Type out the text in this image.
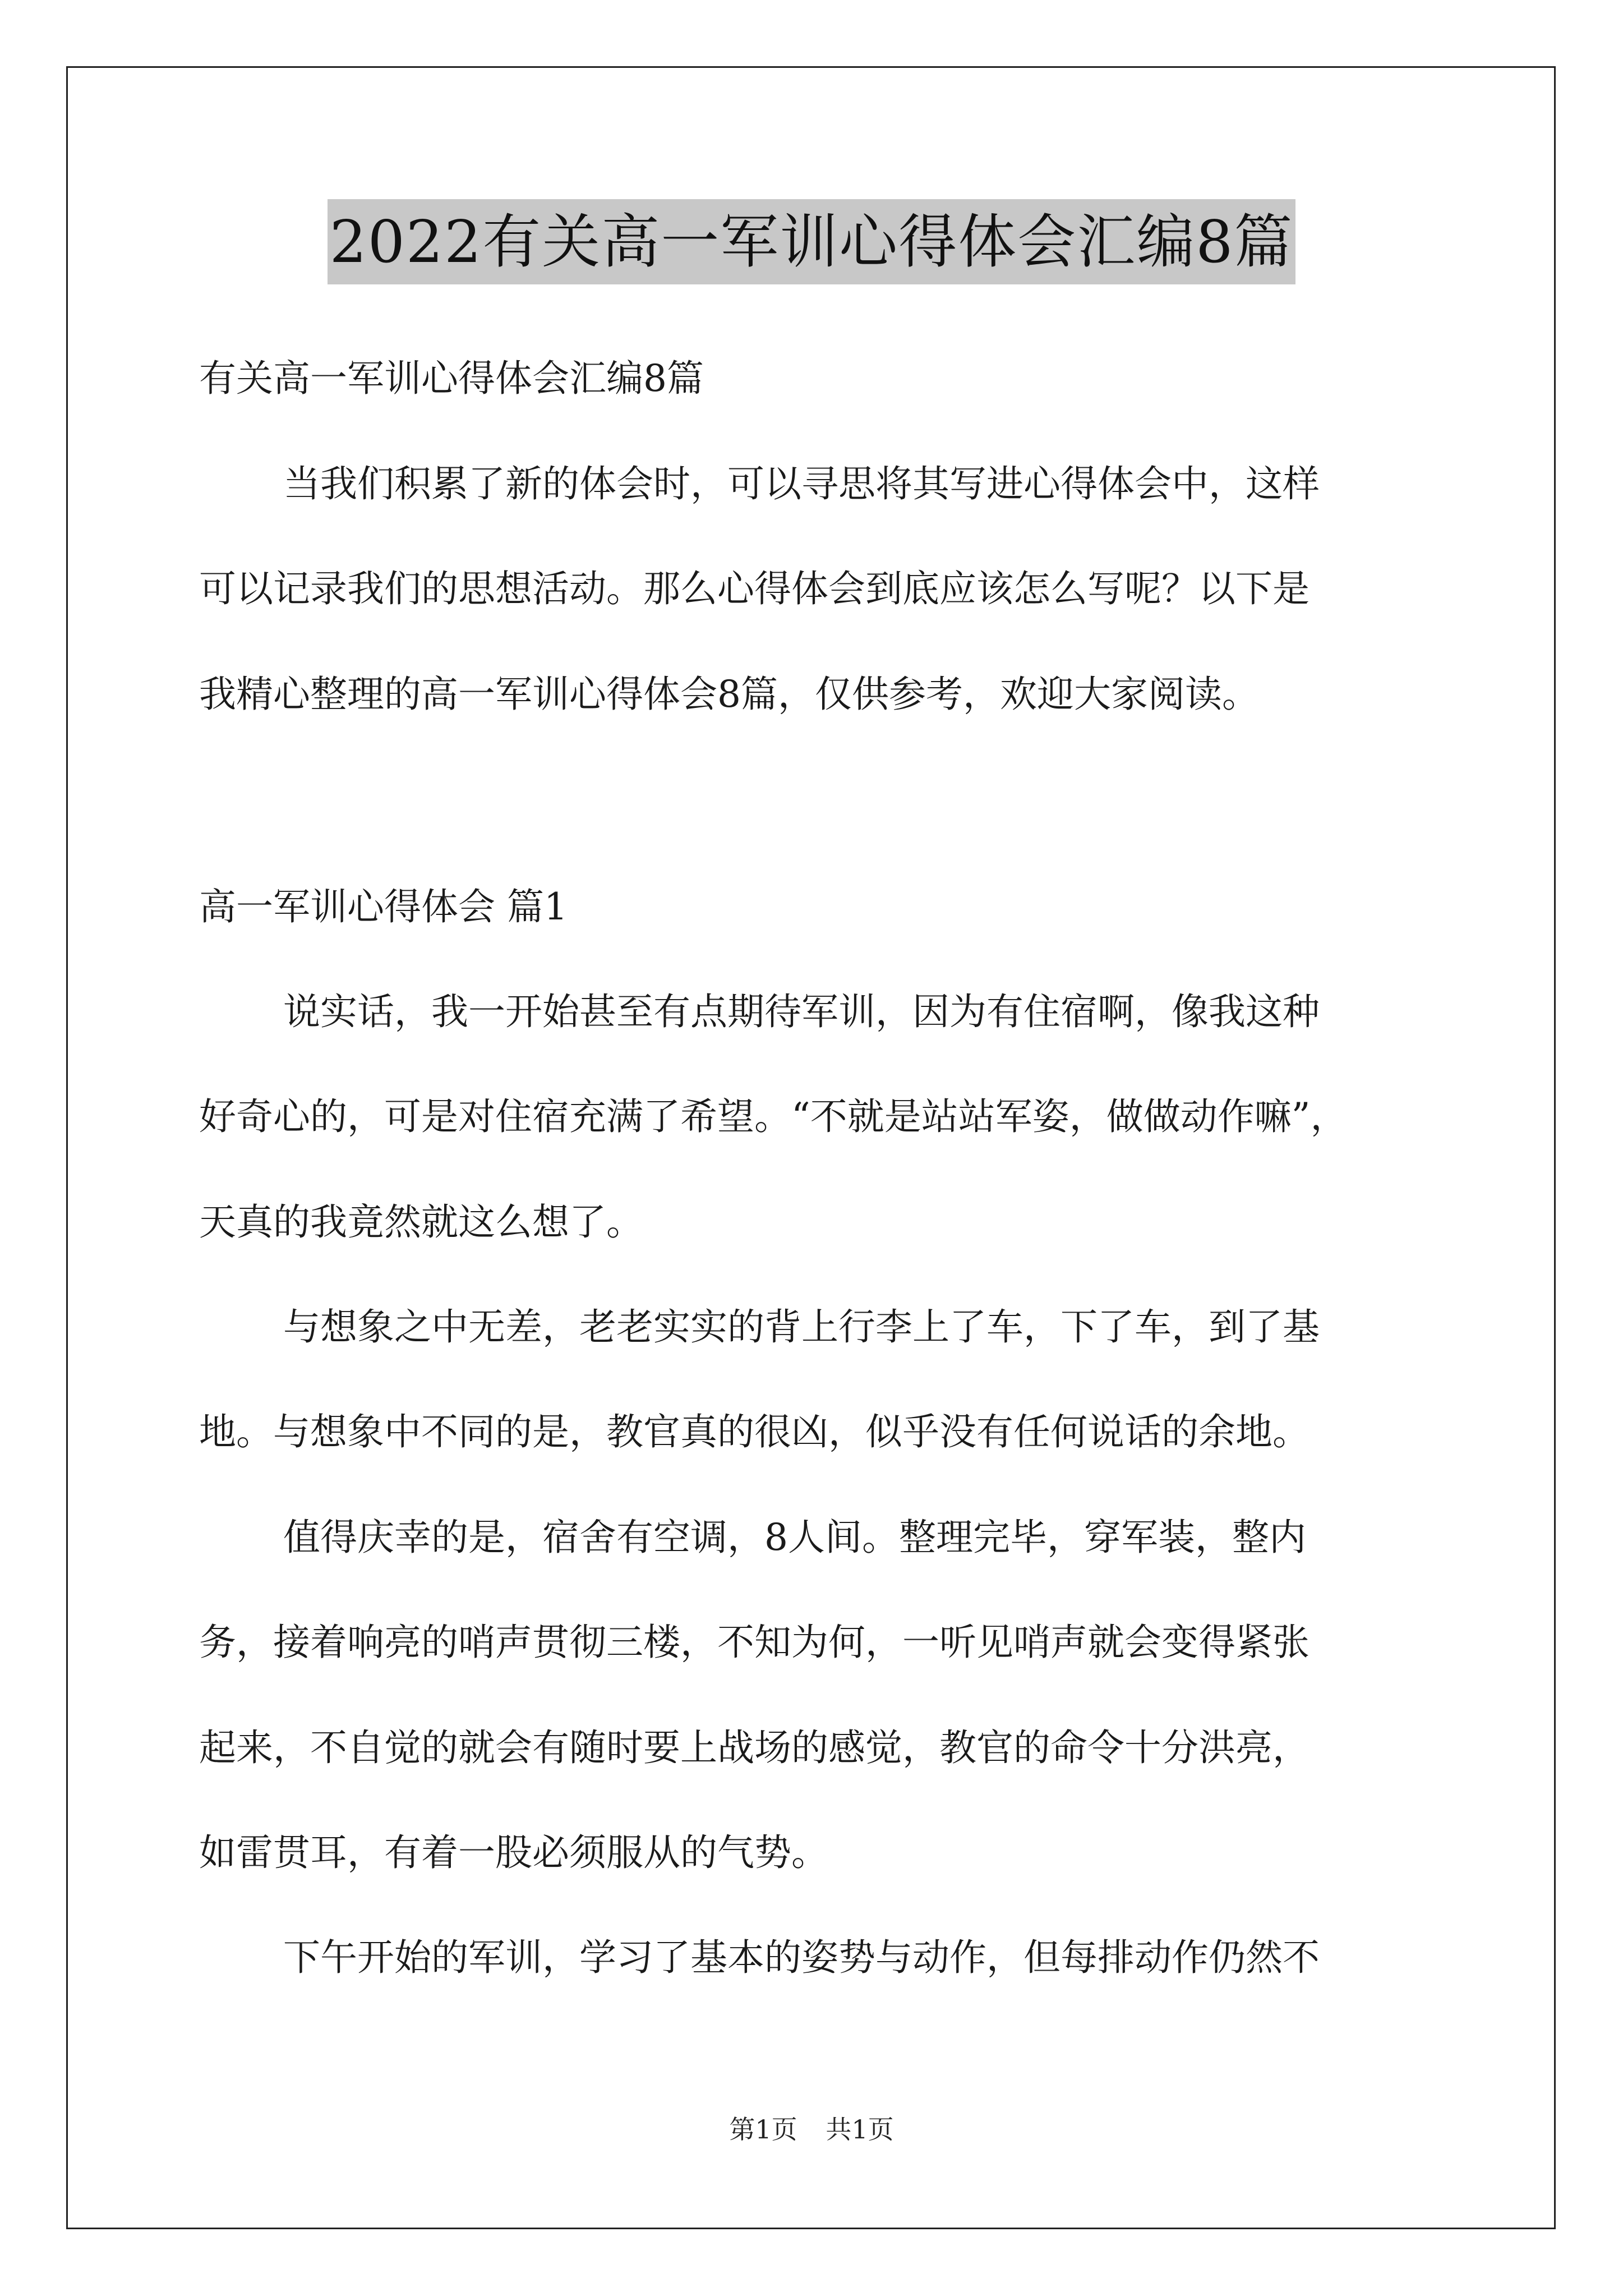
2022有关高一军训心得体会汇编8篇
有关高一军训心得体会汇编8篇
当我们积累了新的体会时，可以寻思将其写进心得体会中，这样
可以记录我们的思想活动。那么心得体会到底应该怎么写呢？以下是
我精心整理的高一军训心得体会8篇，仅供参考，欢迎大家阅读。
高一军训心得体会 篇1
说实话，我一开始甚至有点期待军训，因为有住宿啊，像我这种
好奇心的，可是对住宿充满了希望。“不就是站站军姿，做做动作嘛”，
天真的我竟然就这么想了。
与想象之中无差，老老实实的背上行李上了车，下了车，到了基
地。与想象中不同的是，教官真的很凶，似乎没有任何说话的余地。
值得庆幸的是，宿舍有空调，8人间。整理完毕，穿军装，整内
务，接着响亮的哨声贯彻三楼，不知为何，一听见哨声就会变得紧张
起来，不自觉的就会有随时要上战场的感觉，教官的命令十分洪亮，
如雷贯耳，有着一股必须服从的气势。
下午开始的军训，学习了基本的姿势与动作，但每排动作仍然不
第1页 共1页
